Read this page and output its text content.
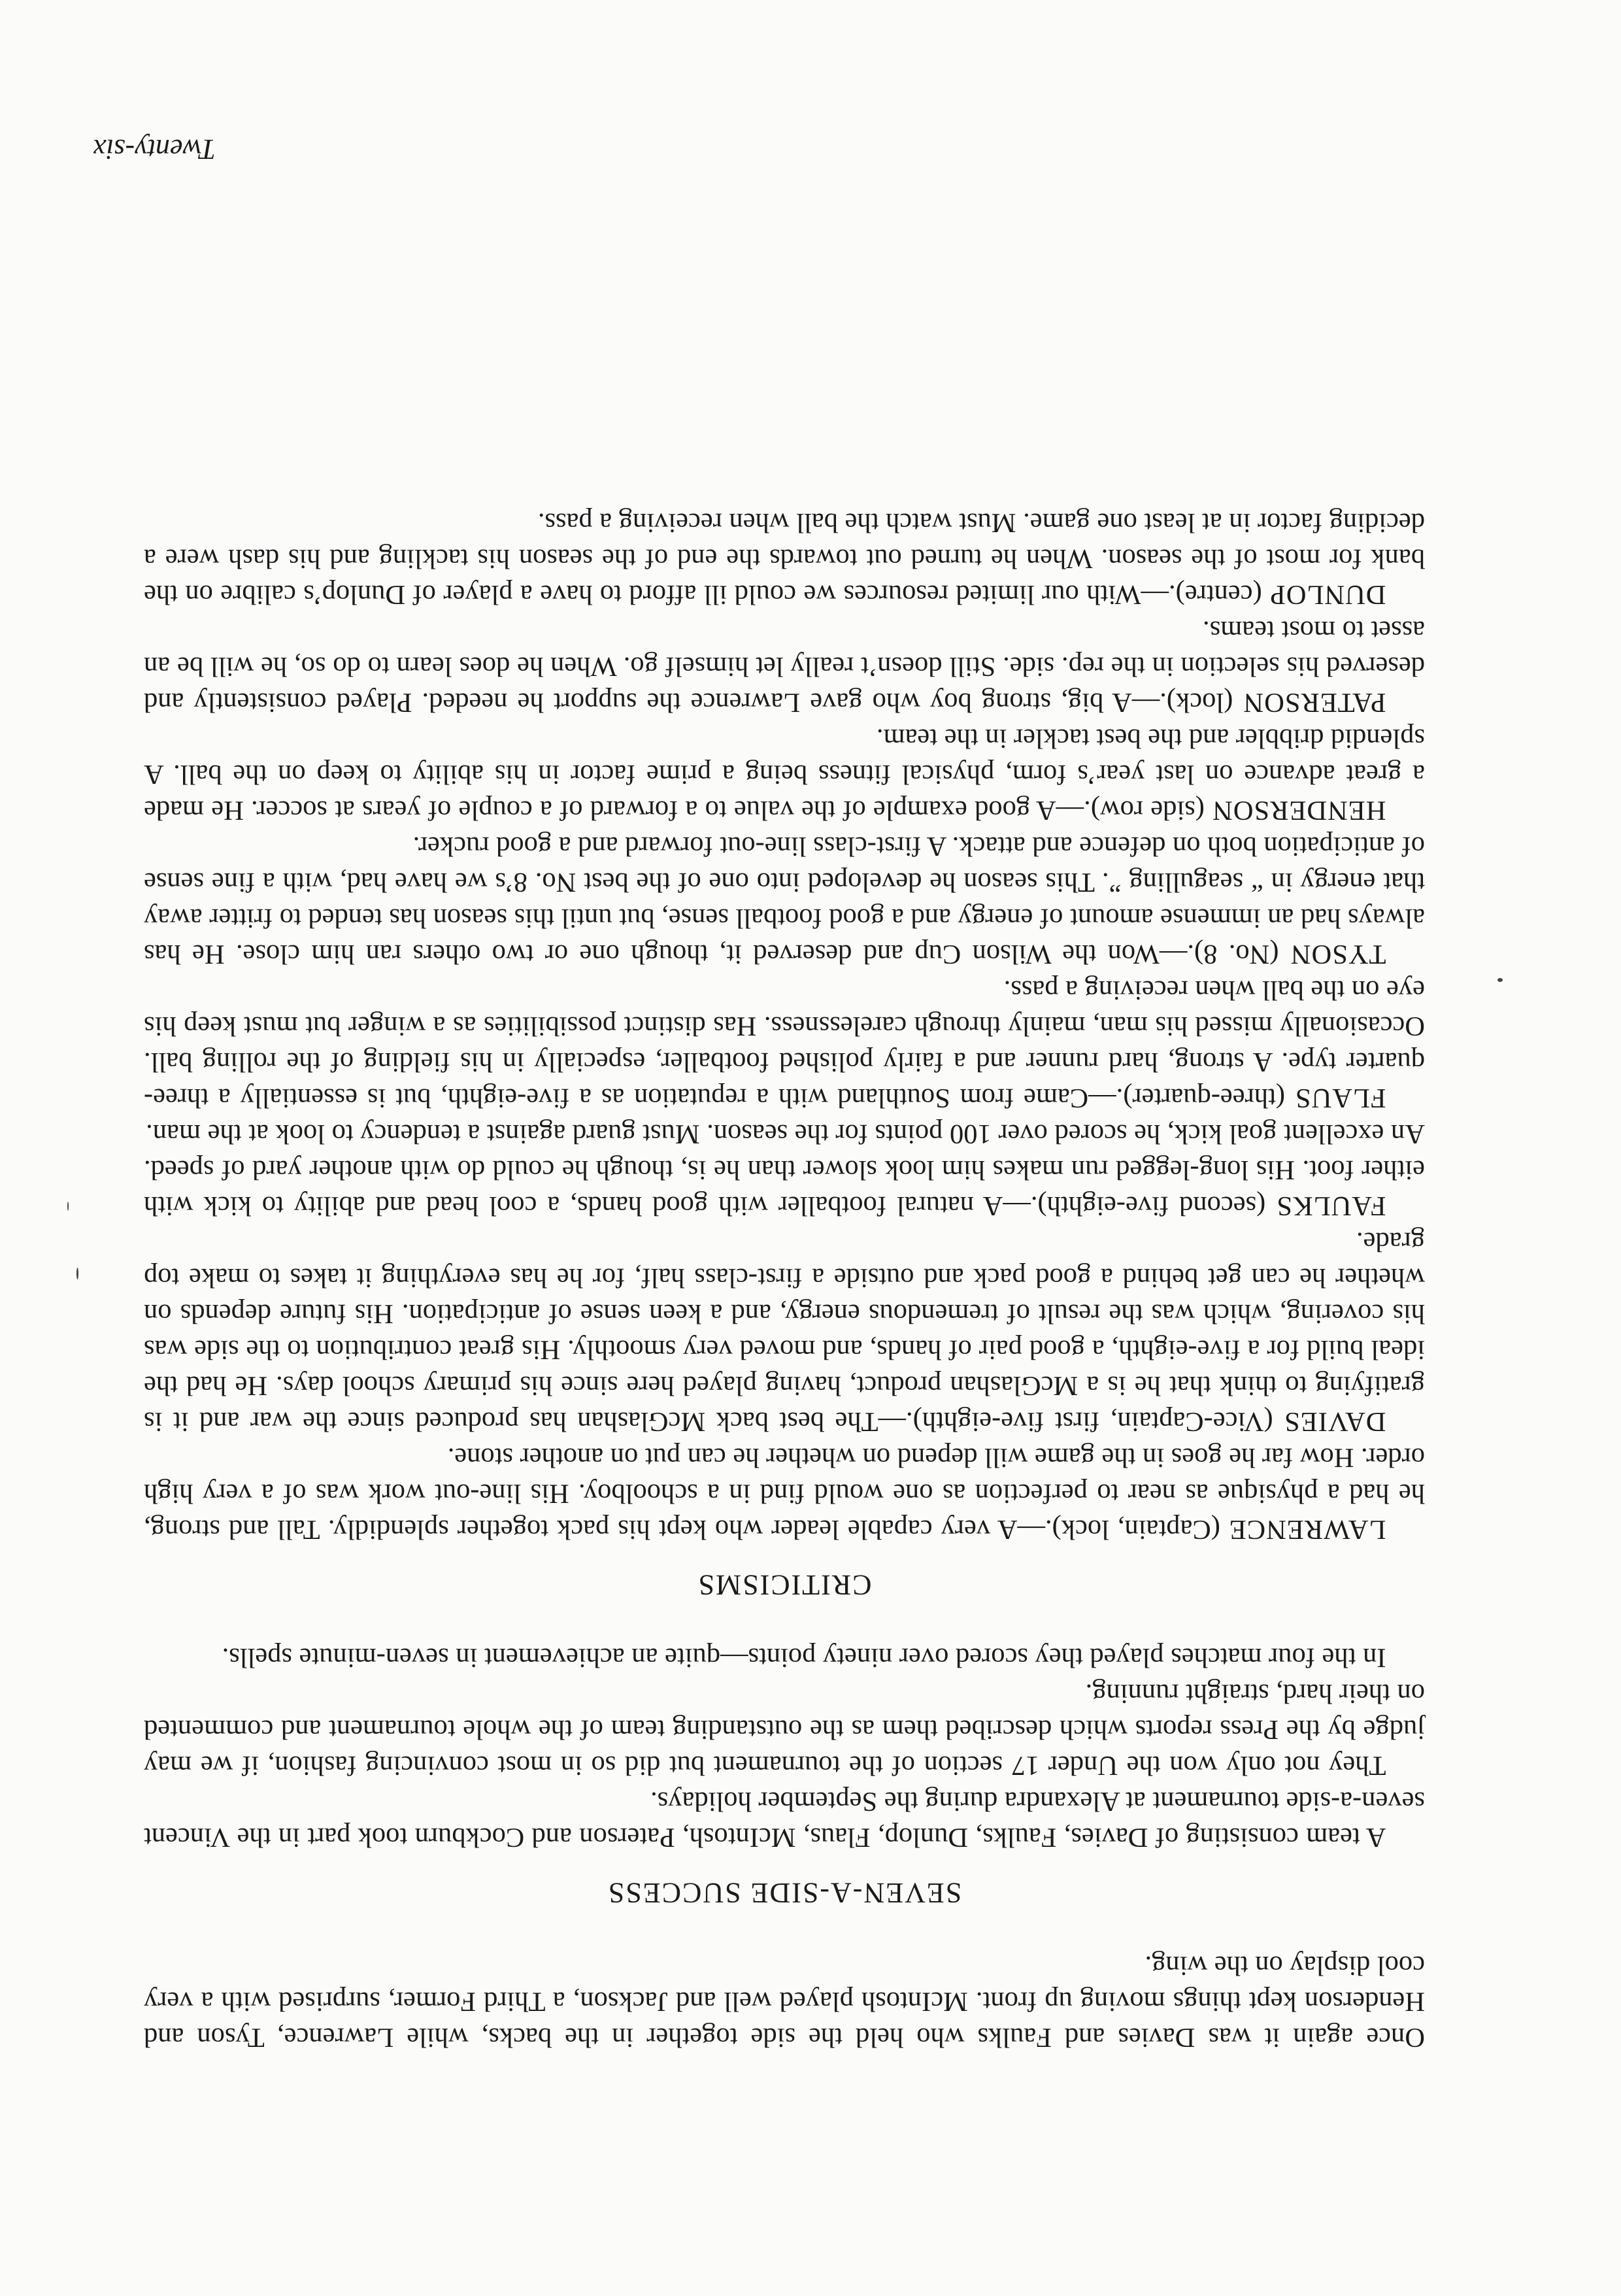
Once again it was Davies and Faulks who held the side together in the backs, while Lawrence, Tyson and Henderson kept things moving up front. McIntosh played well and Jackson, a Third Former, surprised with a very cool display on the wing.

SEVEN-A-SIDE SUCCESS

A team consisting of Davies, Faulks, Dunlop, Flaus, McIntosh, Paterson and Cockburn took part in the Vincent seven-a-side tournament at Alexandra during the September holidays.

They not only won the Under 17 section of the tournament but did so in most convincing fashion, if we may judge by the Press reports which described them as the outstanding team of the whole tournament and commented on their hard, straight running.

In the four matches played they scored over ninety points—quite an achievement in seven-minute spells.

CRITICISMS

LAWRENCE (Captain, lock).—A very capable leader who kept his pack together splendidly. Tall and strong, he had a physique as near to perfection as one would find in a schoolboy. His line-out work was of a very high order. How far he goes in the game will depend on whether he can put on another stone.

DAVIES (Vice-Captain, first five-eighth).—The best back McGlashan has produced since the war and it is gratifying to think that he is a McGlashan product, having played here since his primary school days. He had the ideal build for a five-eighth, a good pair of hands, and moved very smoothly. His great contribution to the side was his covering, which was the result of tremendous energy, and a keen sense of anticipation. His future depends on whether he can get behind a good pack and outside a first-class half, for he has everything it takes to make top grade.

FAULKS (second five-eighth).—A natural footballer with good hands, a cool head and ability to kick with either foot. His long-legged run makes him look slower than he is, though he could do with another yard of speed. An excellent goal kick, he scored over 100 points for the season. Must guard against a tendency to look at the man.

FLAUS (three-quarter).—Came from Southland with a reputation as a five-eighth, but is essentially a three-quarter type. A strong, hard runner and a fairly polished footballer, especially in his fielding of the rolling ball. Occasionally missed his man, mainly through carelessness. Has distinct possibilities as a winger but must keep his eye on the ball when receiving a pass.

TYSON (No. 8).—Won the Wilson Cup and deserved it, though one or two others ran him close. He has always had an immense amount of energy and a good football sense, but until this season has tended to fritter away that energy in “ seagulling ”. This season he developed into one of the best No. 8’s we have had, with a fine sense of anticipation both on defence and attack. A first-class line-out forward and a good rucker.

HENDERSON (side row).—A good example of the value to a forward of a couple of years at soccer. He made a great advance on last year’s form, physical fitness being a prime factor in his ability to keep on the ball. A splendid dribbler and the best tackler in the team.

PATERSON (lock).—A big, strong boy who gave Lawrence the support he needed. Played consistently and deserved his selection in the rep. side. Still doesn’t really let himself go. When he does learn to do so, he will be an asset to most teams.

DUNLOP (centre).—With our limited resources we could ill afford to have a player of Dunlop’s calibre on the bank for most of the season. When he turned out towards the end of the season his tackling and his dash were a deciding factor in at least one game. Must watch the ball when receiving a pass.

Twenty-six
